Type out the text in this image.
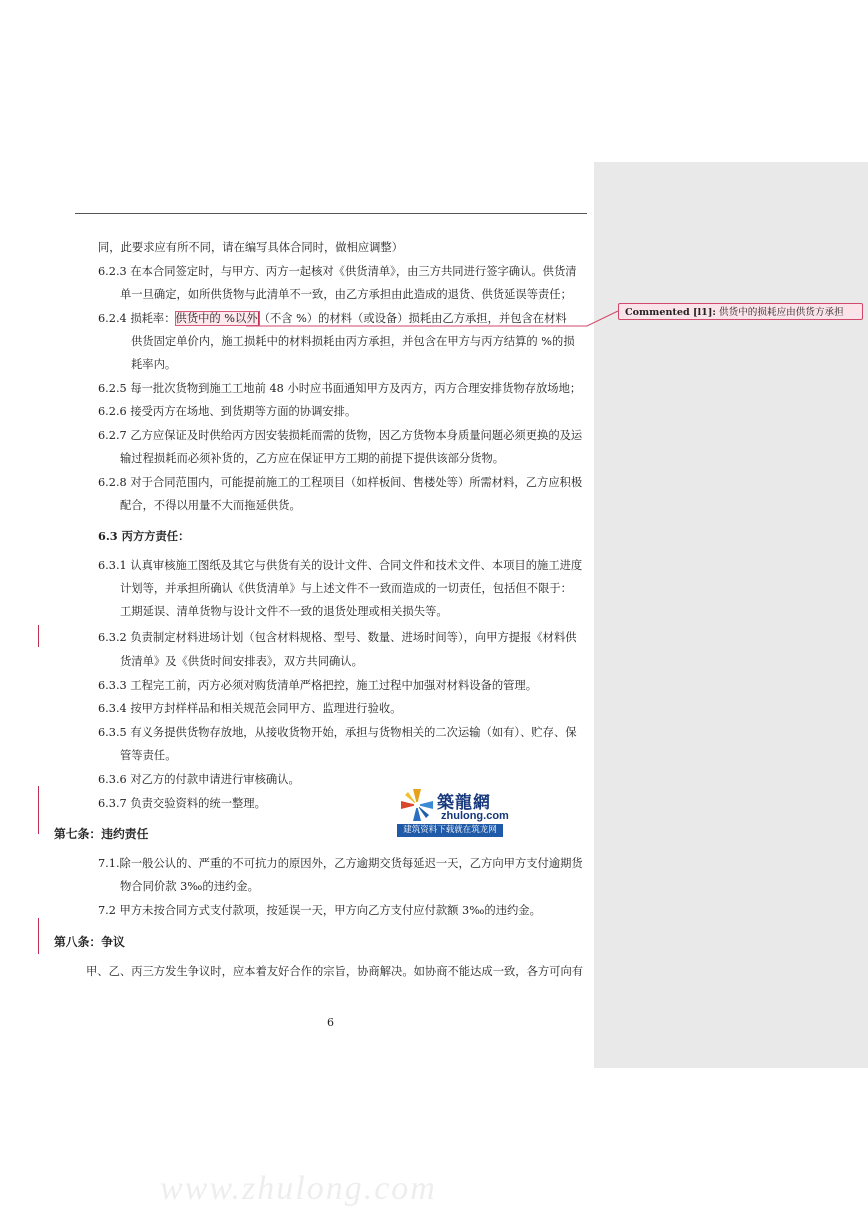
同，此要求应有所不同，请在编写具体合同时，做相应调整）
6.2.3 在本合同签定时，与甲方、丙方一起核对《供货清单》，由三方共同进行签字确认。供货清
单一旦确定，如所供货物与此清单不一致，由乙方承担由此造成的退货、供货延误等责任；
6.2.4 损耗率：供货中的 %以外（不含 %）的材料（或设备）损耗由乙方承担，并包含在材料
供货固定单价内，施工损耗中的材料损耗由丙方承担，并包含在甲方与丙方结算的 %的损
耗率内。
6.2.5 每一批次货物到施工工地前 48 小时应书面通知甲方及丙方，丙方合理安排货物存放场地；
6.2.6 接受丙方在场地、到货期等方面的协调安排。
6.2.7 乙方应保证及时供给丙方因安装损耗而需的货物，因乙方货物本身质量问题必须更换的及运
输过程损耗而必须补货的，乙方应在保证甲方工期的前提下提供该部分货物。
6.2.8 对于合同范围内，可能提前施工的工程项目（如样板间、售楼处等）所需材料，乙方应积极
配合，不得以用量不大而拖延供货。
6.3 丙方方责任：
6.3.1 认真审核施工图纸及其它与供货有关的设计文件、合同文件和技术文件、本项目的施工进度
计划等，并承担所确认《供货清单》与上述文件不一致而造成的一切责任，包括但不限于：
工期延误、清单货物与设计文件不一致的退货处理或相关损失等。
6.3.2 负责制定材料进场计划（包含材料规格、型号、数量、进场时间等），向甲方提报《材料供
货清单》及《供货时间安排表》，双方共同确认。
6.3.3 工程完工前，丙方必须对购货清单严格把控，施工过程中加强对材料设备的管理。
6.3.4 按甲方封样样品和相关规范会同甲方、监理进行验收。
6.3.5 有义务提供货物存放地，从接收货物开始，承担与货物相关的二次运输（如有）、贮存、保
管等责任。
6.3.6 对乙方的付款申请进行审核确认。
6.3.7 负责交验资料的统一整理。
第七条：违约责任
7.1.除一般公认的、严重的不可抗力的原因外，乙方逾期交货每延迟一天，乙方向甲方支付逾期货
物合同价款 3‰的违约金。
7.2 甲方未按合同方式支付款项，按延误一天，甲方向乙方支付应付款额 3‰的违约金。
第八条：争议
甲、乙、丙三方发生争议时，应本着友好合作的宗旨，协商解决。如协商不能达成一致，各方可向有
Commented [l1]: 供货中的损耗应由供货方承担
築龍網
zhulong.com
建筑资料下载就在筑龙网
6
www.zhulong.com
